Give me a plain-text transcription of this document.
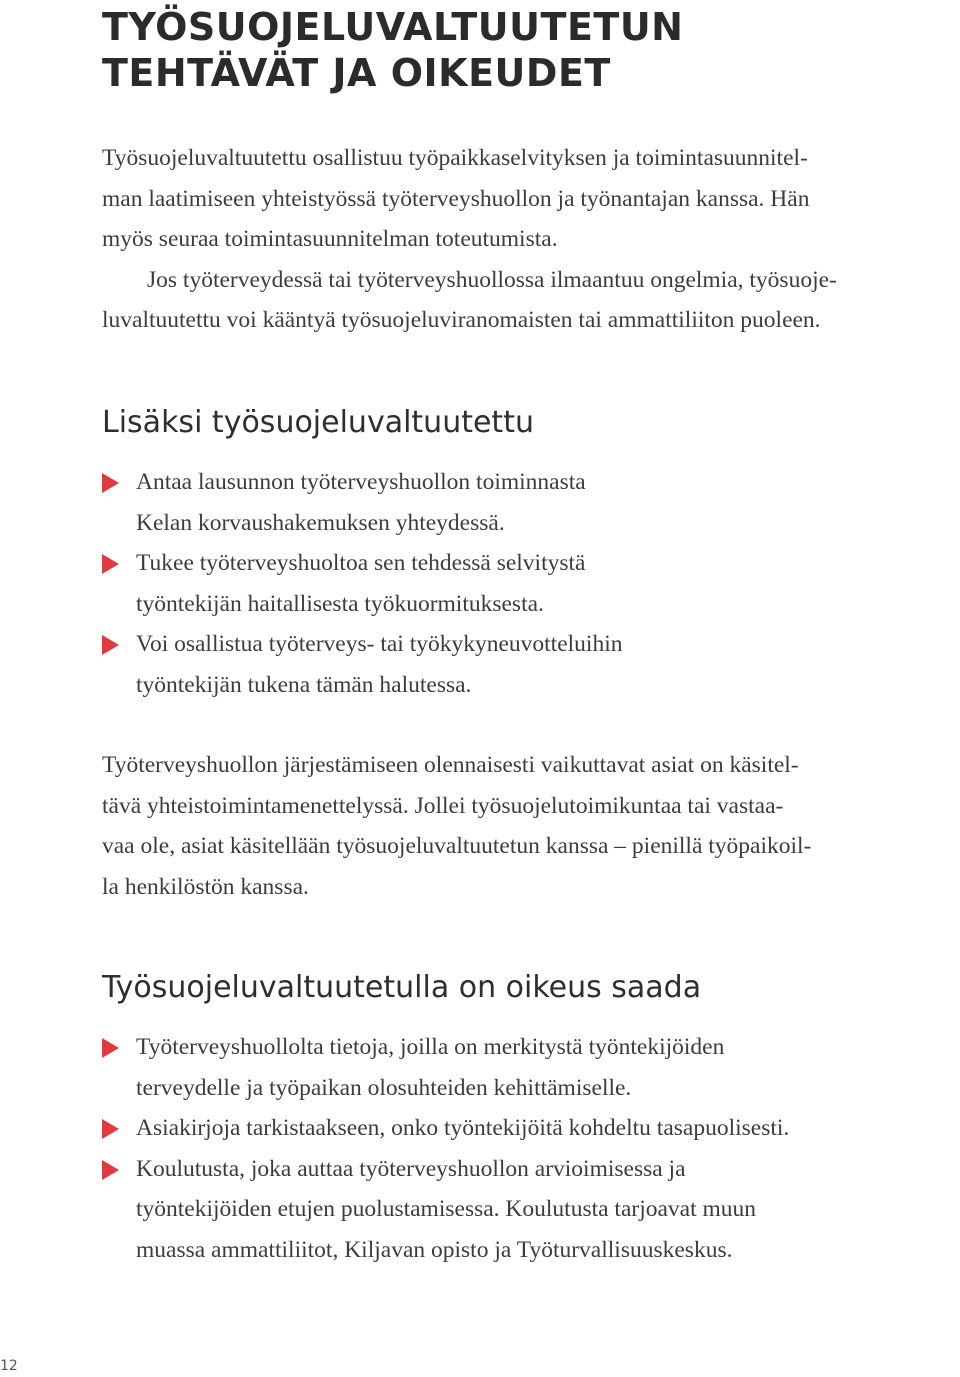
TYÖSUOJELUVALTUUTETUN
TEHTÄVÄT JA OIKEUDET

Työsuojeluvaltuutettu osallistuu työpaikkaselvityksen ja toimintasuunnitel-
man laatimiseen yhteistyössä työterveyshuollon ja työnantajan kanssa. Hän
myös seuraa toimintasuunnitelman toteutumista.
Jos työterveydessä tai työterveyshuollossa ilmaantuu ongelmia, työsuoje-
luvaltuutettu voi kääntyä työsuojeluviranomaisten tai ammattiliiton puoleen.

Lisäksi työsuojeluvaltuutettu
Antaa lausunnon työterveyshuollon toiminnasta
Kelan korvaushakemuksen yhteydessä.
Tukee työterveyshuoltoa sen tehdessä selvitystä
työntekijän haitallisesta työkuormituksesta.
Voi osallistua työterveys- tai työkykyneuvotteluihin
työntekijän tukena tämän halutessa.

Työterveyshuollon järjestämiseen olennaisesti vaikuttavat asiat on käsitel-
tävä yhteistoimintamenettelyssä. Jollei työsuojelutoimikuntaa tai vastaa-
vaa ole, asiat käsitellään työsuojeluvaltuutetun kanssa – pienillä työpaikoil-
la henkilöstön kanssa.

Työsuojeluvaltuutetulla on oikeus saada
Työterveyshuollolta tietoja, joilla on merkitystä työntekijöiden
terveydelle ja työpaikan olosuhteiden kehittämiselle.
Asiakirjoja tarkistaakseen, onko työntekijöitä kohdeltu tasapuolisesti.
Koulutusta, joka auttaa työterveyshuollon arvioimisessa ja
työntekijöiden etujen puolustamisessa. Koulutusta tarjoavat muun
muassa ammattiliitot, Kiljavan opisto ja Työturvallisuuskeskus.
12
